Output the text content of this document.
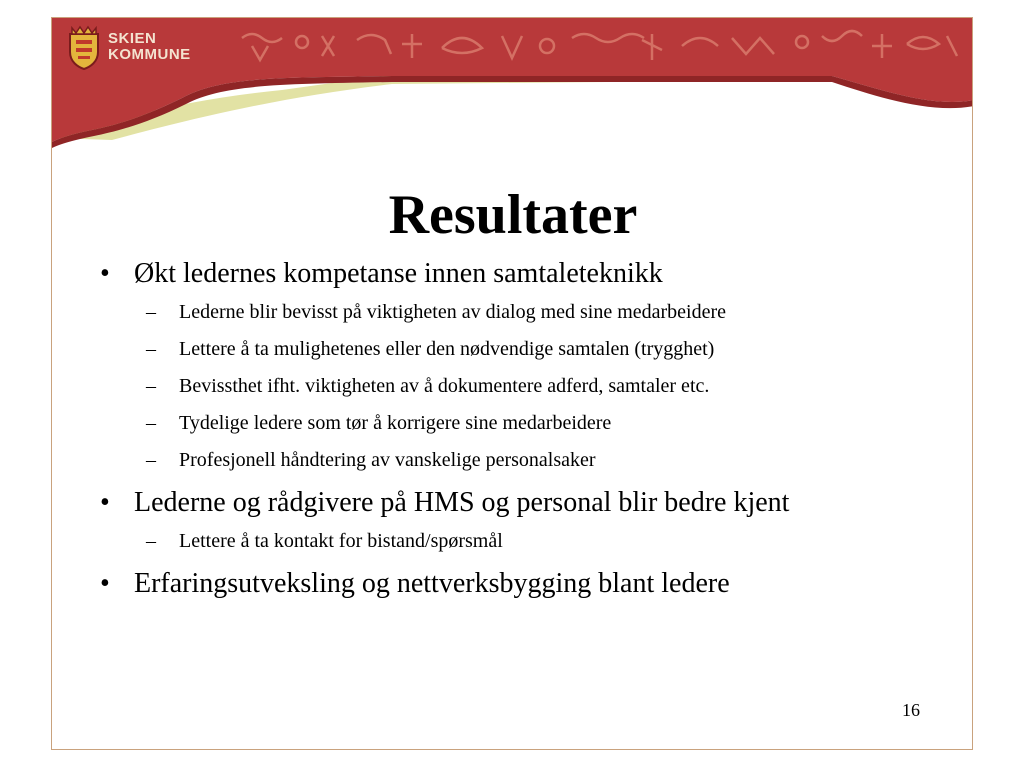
SKIEN
KOMMUNE
Resultater
• Økt ledernes kompetanse innen samtaleteknikk
– Lederne blir bevisst på viktigheten av dialog med sine medarbeidere
– Lettere å ta mulighetenes eller den nødvendige samtalen (trygghet)
– Bevissthet ifht. viktigheten av å dokumentere adferd, samtaler etc.
– Tydelige ledere som tør å korrigere sine medarbeidere
– Profesjonell håndtering av vanskelige personalsaker
• Lederne og rådgivere på HMS og personal blir bedre kjent
– Lettere å ta kontakt for bistand/spørsmål
• Erfaringsutveksling og nettverksbygging blant ledere
16
